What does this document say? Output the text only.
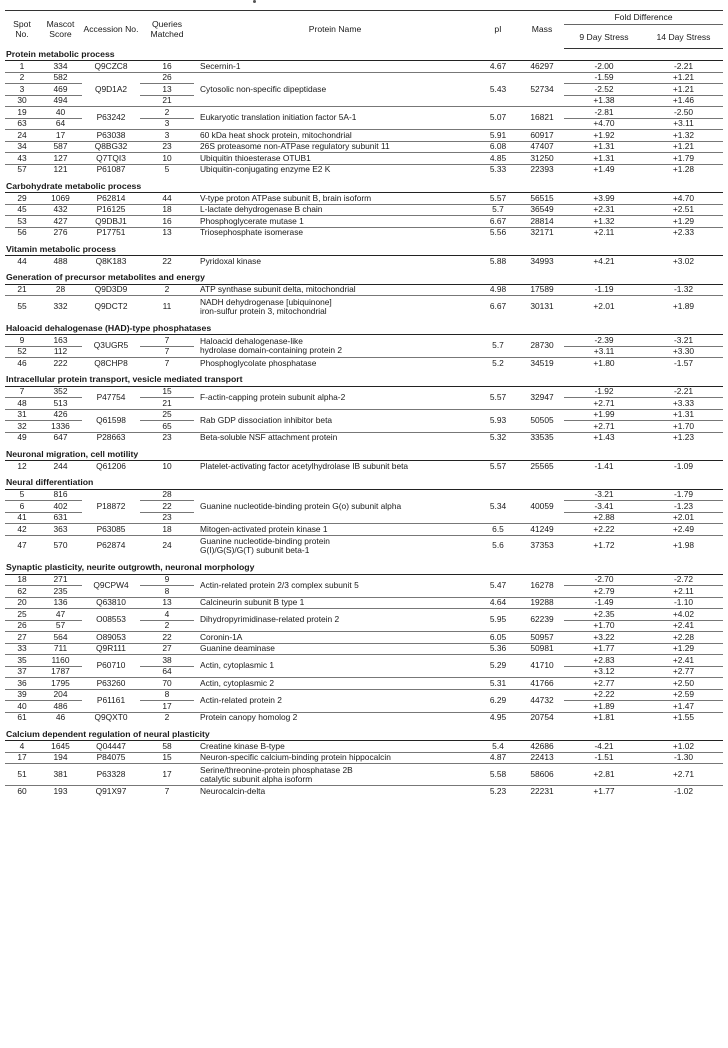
Spot No.	Mascot Score	Accession No.	Queries Matched	Protein Name	pI	Mass	Fold Difference	
							9 Day Stress	14 Day Stress
Protein metabolic process								
1	334	Q9CZC8	16	Secernin-1	4.67	46297	-2.00	-2.21
2	582	Q9D1A2	26	Cytosolic non-specific dipeptidase	5.43	52734	-1.59	+1.21
3	469		13				-2.52	+1.21
30	494		21				+1.38	+1.46
19	40	P63242	2	Eukaryotic translation initiation factor 5A-1	5.07	16821	-2.81	-2.50
63	64		3				+4.70	+3.11
24	17	P63038	3	60 kDa heat shock protein, mitochondrial	5.91	60917	+1.92	+1.32
34	587	Q8BG32	23	26S proteasome non-ATPase regulatory subunit 11	6.08	47407	+1.31	+1.21
43	127	Q7TQI3	10	Ubiquitin thioesterase OTUB1	4.85	31250	+1.31	+1.79
57	121	P61087	5	Ubiquitin-conjugating enzyme E2 K	5.33	22393	+1.49	+1.28

Carbohydrate metabolic process								
29	1069	P62814	44	V-type proton ATPase subunit B, brain isoform	5.57	56515	+3.99	+4.70
45	432	P16125	18	L-lactate dehydrogenase B chain	5.7	36549	+2.31	+2.51
53	427	Q9DBJ1	16	Phosphoglycerate mutase 1	6.67	28814	+1.32	+1.29
56	276	P17751	13	Triosephosphate isomerase	5.56	32171	+2.11	+2.33

Vitamin metabolic process								
44	488	Q8K183	22	Pyridoxal kinase	5.88	34993	+4.21	+3.02

Generation of precursor metabolites and energy								
21	28	Q9D3D9	2	ATP synthase subunit delta, mitochondrial	4.98	17589	-1.19	-1.32
55	332	Q9DCT2	11	NADH dehydrogenase [ubiquinone]
iron-sulfur protein 3, mitochondrial	6.67	30131	+2.01	+1.89

Haloacid dehalogenase (HAD)-type phosphatases								
9	163	Q3UGR5	7	Haloacid dehalogenase-like
hydrolase domain-containing protein 2	5.7	28730	-2.39	-3.21
52	112		7				+3.11	+3.30
46	222	Q8CHP8	7	Phosphoglycolate phosphatase	5.2	34519	+1.80	-1.57

Intracellular protein transport, vesicle mediated transport								
7	352	P47754	15	F-actin-capping protein subunit alpha-2	5.57	32947	-1.92	-2.21
48	513		21				+2.71	+3.33
31	426	Q61598	25	Rab GDP dissociation inhibitor beta	5.93	50505	+1.99	+1.31
32	1336		65				+2.71	+1.70
49	647	P28663	23	Beta-soluble NSF attachment protein	5.32	33535	+1.43	+1.23

Neuronal migration, cell motility								
12	244	Q61206	10	Platelet-activating factor acetylhydrolase IB subunit beta	5.57	25565	-1.41	-1.09

Neural differentiation								
5	816	P18872	28	Guanine nucleotide-binding protein G(o) subunit alpha	5.34	40059	-3.21	-1.79
6	402		22				-3.41	-1.23
41	631		23				+2.88	+2.01
42	363	P63085	18	Mitogen-activated protein kinase 1	6.5	41249	+2.22	+2.49
47	570	P62874	24	Guanine nucleotide-binding protein
G(I)/G(S)/G(T) subunit beta-1	5.6	37353	+1.72	+1.98

Synaptic plasticity, neurite outgrowth, neuronal morphology								
18	271	Q9CPW4	9	Actin-related protein 2/3 complex subunit 5	5.47	16278	-2.70	-2.72
62	235		8				+2.79	+2.11
20	136	Q63810	13	Calcineurin subunit B type 1	4.64	19288	-1.49	-1.10
25	47	O08553	4	Dihydropyrimidinase-related protein 2	5.95	62239	+2.35	+4.02
26	57		2				+1.70	+2.41
27	564	O89053	22	Coronin-1A	6.05	50957	+3.22	+2.28
33	711	Q9R111	27	Guanine deaminase	5.36	50981	+1.77	+1.29
35	1160	P60710	38	Actin, cytoplasmic 1	5.29	41710	+2.83	+2.41
37	1787		64				+3.12	+2.77
36	1795	P63260	70	Actin, cytoplasmic 2	5.31	41766	+2.77	+2.50
39	204	P61161	8	Actin-related protein 2	6.29	44732	+2.22	+2.59
40	486		17				+1.89	+1.47
61	46	Q9QXT0	2	Protein canopy homolog 2	4.95	20754	+1.81	+1.55

Calcium dependent regulation of neural plasticity								
4	1645	Q04447	58	Creatine kinase B-type	5.4	42686	-4.21	+1.02
17	194	P84075	15	Neuron-specific calcium-binding protein hippocalcin	4.87	22413	-1.51	-1.30
51	381	P63328	17	Serine/threonine-protein phosphatase 2B
catalytic subunit alpha isoform	5.58	58606	+2.81	+2.71
60	193	Q91X97	7	Neurocalcin-delta	5.23	22231	+1.77	-1.02
